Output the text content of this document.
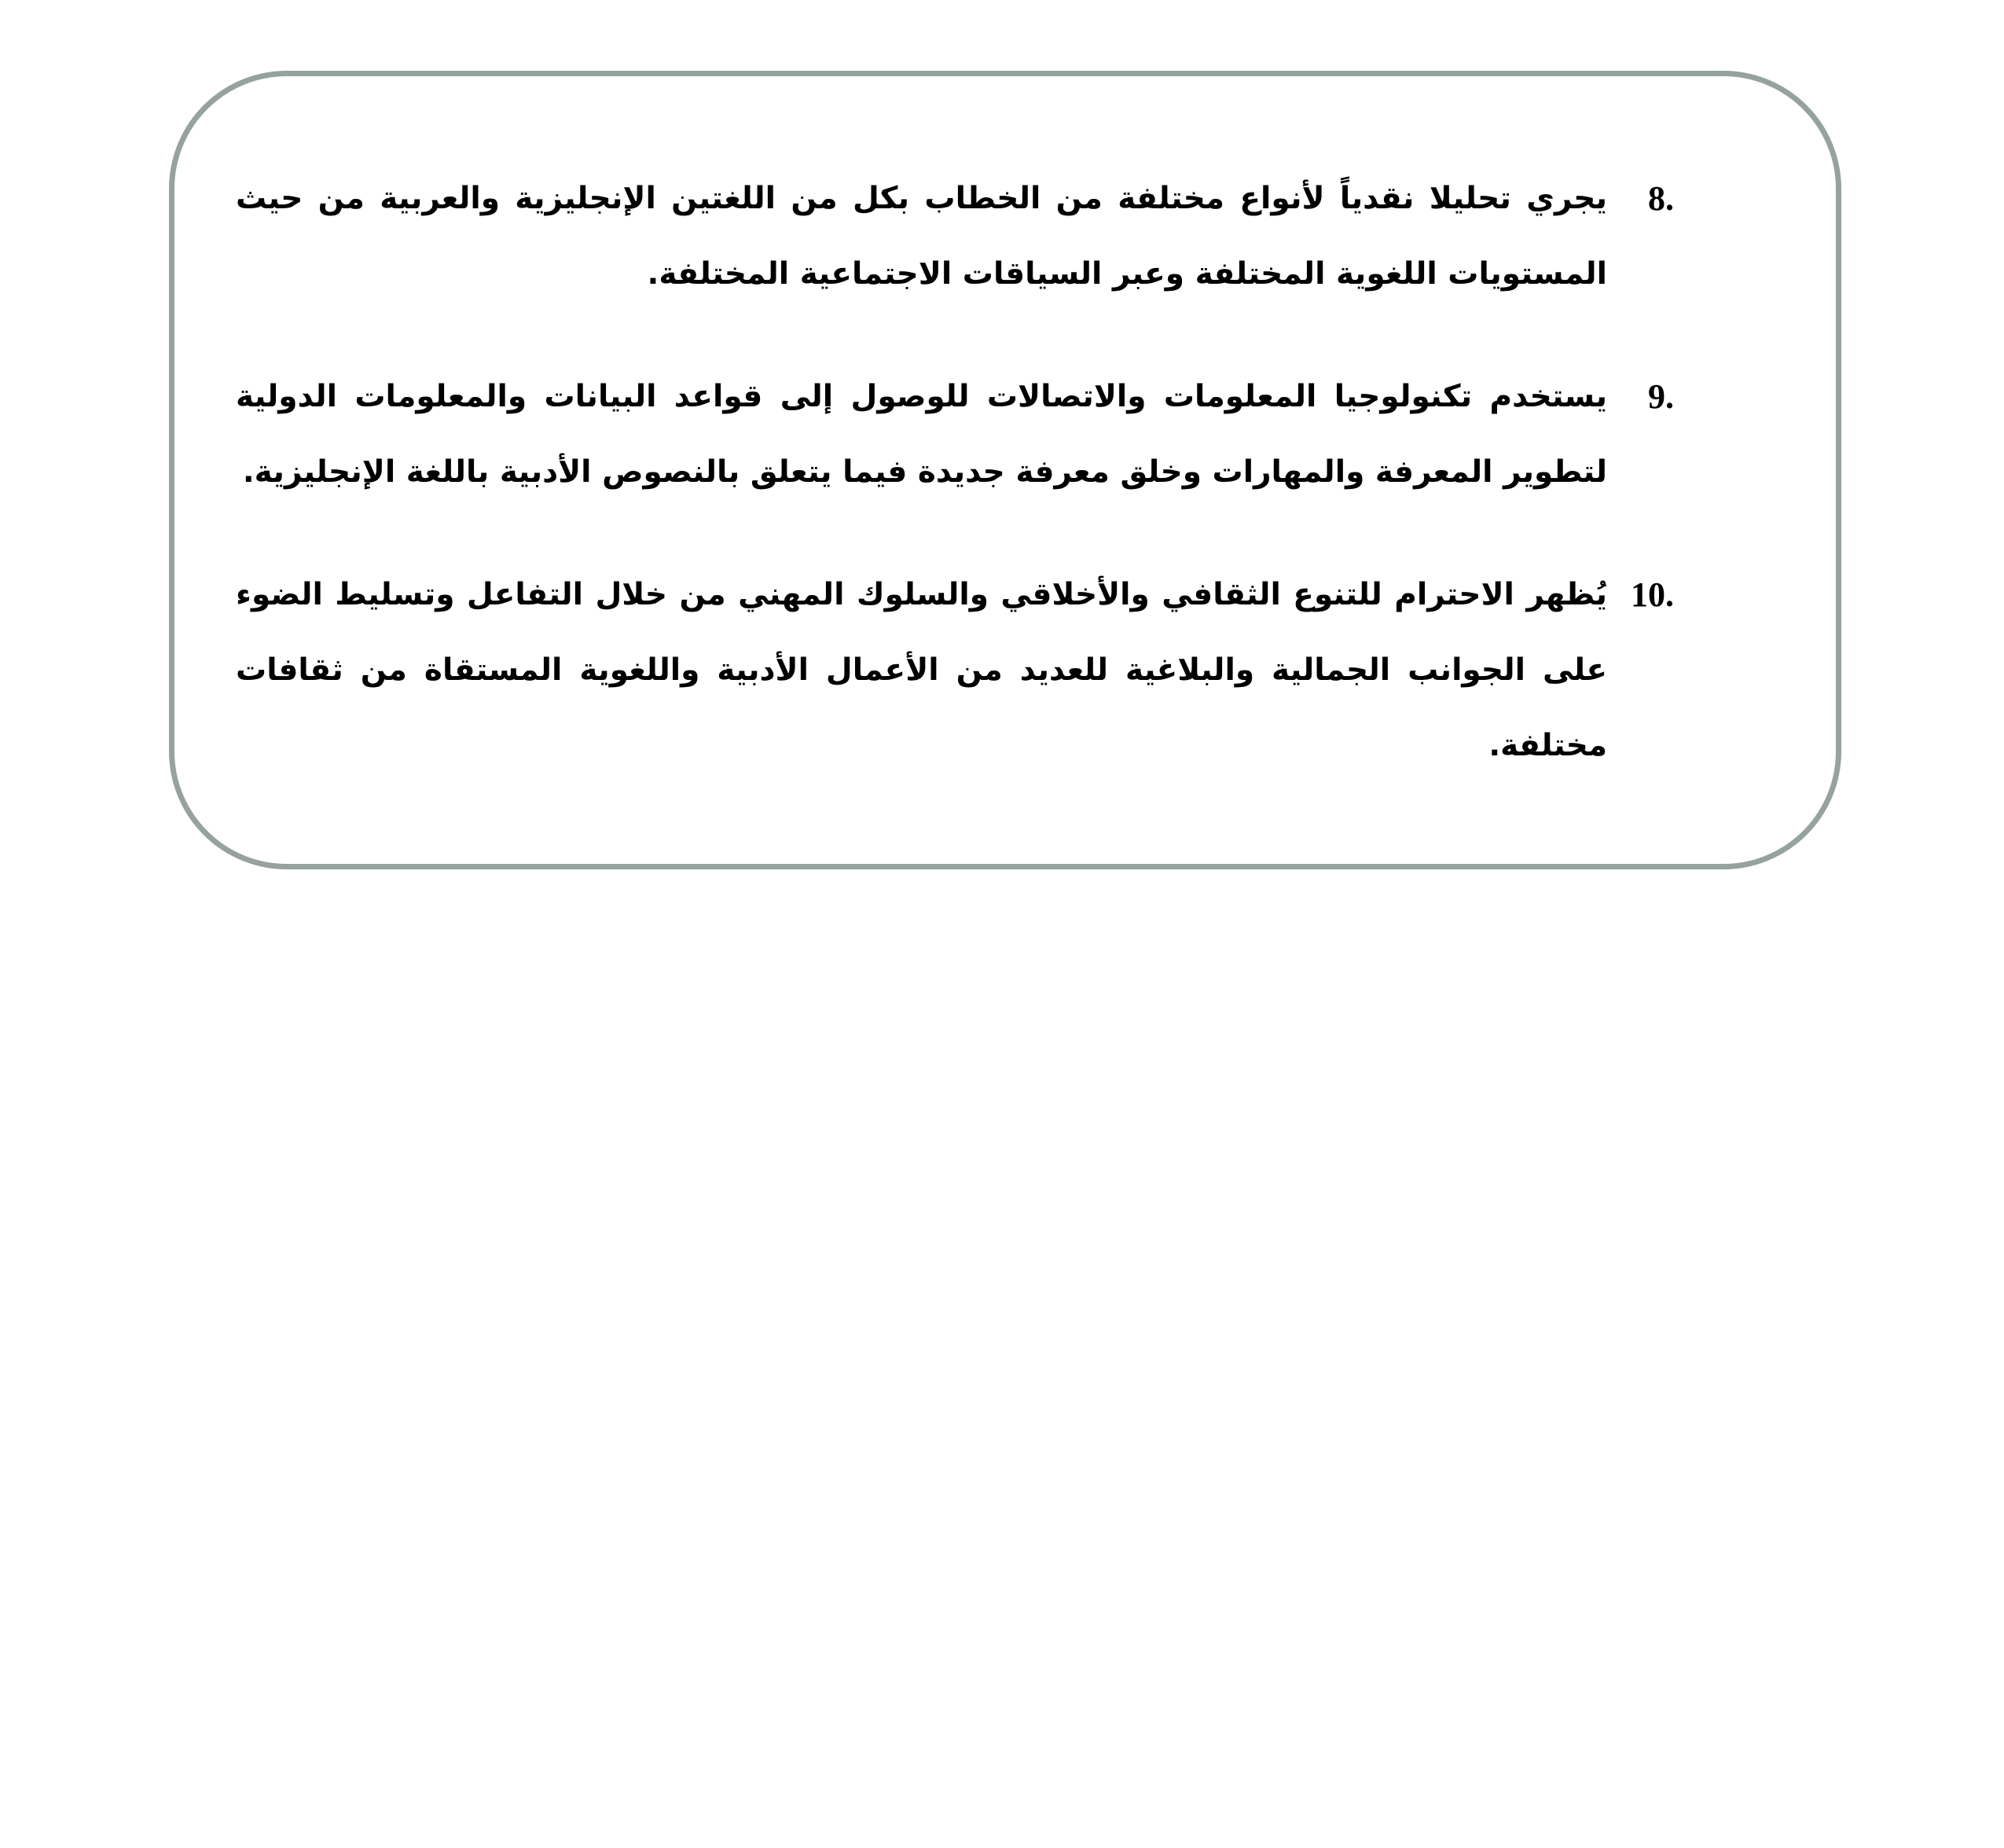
8.
يجري تحليلا نقدياً لأنواع مختلفة من الخطاب بكل من اللغتين الإنجليزية والعربية من حيث المستويات اللغوية المختلفة وعبر السياقات الاجتماعية المختلفة.
9.
يستخدم تكنولوجيا المعلومات والاتصالات للوصول إلى قواعد البيانات والمعلومات الدولية لتطوير المعرفة والمهارات وخلق معرفة جديدة فيما يتعلق بالنصوص الأدبية باللغة الإنجليزية.
10.
يُظهر الاحترام للتنوع الثقافي والأخلاقي والسلوك المهني من خلال التفاعل وتسليط الضوء على الجوانب الجمالية والبلاغية للعديد من الأعمال الأدبية واللغوية المستقاة من ثقافات مختلفة.
